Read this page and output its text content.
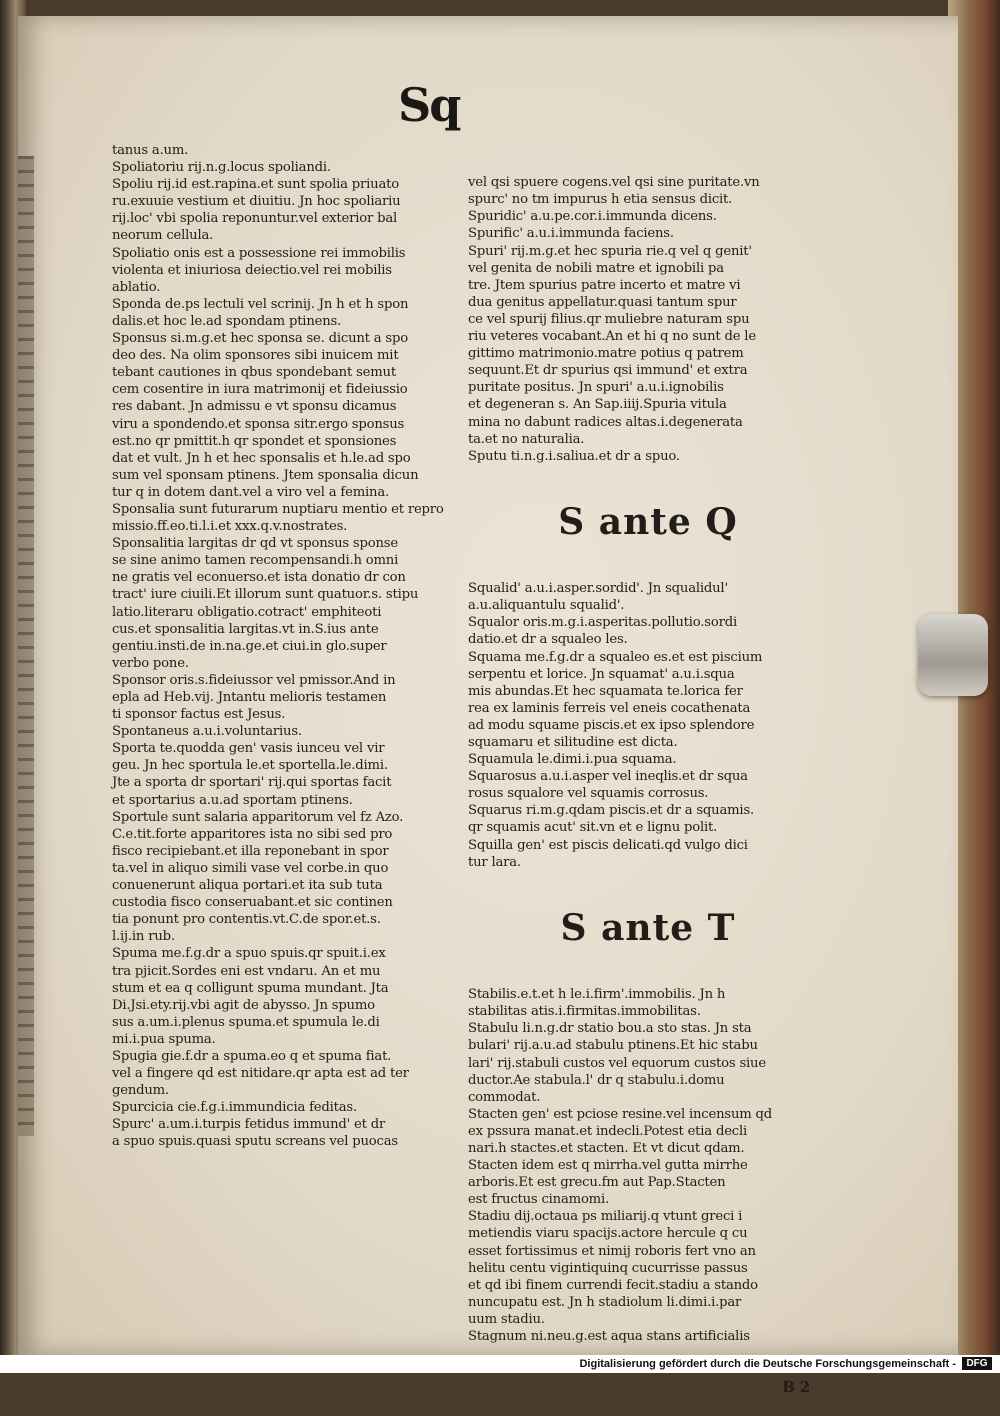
Sq
tanus a.um.
Spoliatoriu rij.n.g.locus spoliandi.
Spoliu rij.id est.rapina.et sunt spolia priuato
ru.exuuie vestium et diuitiu. Jn hoc spoliariu
rij.loc' vbi spolia reponuntur.vel exterior bal
neorum cellula.
Spoliatio onis est a possessione rei immobilis
violenta et iniuriosa deiectio.vel rei mobilis
ablatio.
Sponda de.ps lectuli vel scrinij. Jn h et h spon
dalis.et hoc le.ad spondam ptinens.
Sponsus si.m.g.et hec sponsa se. dicunt a spo
deo des. Na olim sponsores sibi inuicem mit
tebant cautiones in qbus spondebant semut
cem cosentire in iura matrimonij et fideiussio
res dabant. Jn admissu e vt sponsu dicamus
viru a spondendo.et sponsa sitr.ergo sponsus
est.no qr pmittit.h qr spondet et sponsiones
dat et vult. Jn h et hec sponsalis et h.le.ad spo
sum vel sponsam ptinens. Jtem sponsalia dicun
tur q in dotem dant.vel a viro vel a femina.
Sponsalia sunt futurarum nuptiaru mentio et repro
missio.ff.eo.ti.l.i.et xxx.q.v.nostrates.
Sponsalitia largitas dr qd vt sponsus sponse
se sine animo tamen recompensandi.h omni
ne gratis vel econuerso.et ista donatio dr con
tract' iure ciuili.Et illorum sunt quatuor.s. stipu
latio.literaru obligatio.cotract' emphiteoti
cus.et sponsalitia largitas.vt in.S.ius ante
gentiu.insti.de in.na.ge.et ciui.in glo.super
verbo pone.
Sponsor oris.s.fideiussor vel pmissor.And in
epla ad Heb.vij. Jntantu melioris testamen
ti sponsor factus est Jesus.
Spontaneus a.u.i.voluntarius.
Sporta te.quodda gen' vasis iunceu vel vir
geu. Jn hec sportula le.et sportella.le.dimi.
Jte a sporta dr sportari' rij.qui sportas facit
et sportarius a.u.ad sportam ptinens.
Sportule sunt salaria apparitorum vel fz Azo.
C.e.tit.forte apparitores ista no sibi sed pro
fisco recipiebant.et illa reponebant in spor
ta.vel in aliquo simili vase vel corbe.in quo
conuenerunt aliqua portari.et ita sub tuta
custodia fisco conseruabant.et sic continen
tia ponunt pro contentis.vt.C.de spor.et.s.
l.ij.in rub.
Spuma me.f.g.dr a spuo spuis.qr spuit.i.ex
tra pjicit.Sordes eni est vndaru. An et mu
stum et ea q colligunt spuma mundant. Jta
Di.Jsi.ety.rij.vbi agit de abysso. Jn spumo
sus a.um.i.plenus spuma.et spumula le.di
mi.i.pua spuma.
Spugia gie.f.dr a spuma.eo q et spuma fiat.
vel a fingere qd est nitidare.qr apta est ad ter
gendum.
Spurcicia cie.f.g.i.immundicia feditas.
Spurc' a.um.i.turpis fetidus immund' et dr
a spuo spuis.quasi sputu screans vel puocas

vel qsi spuere cogens.vel qsi sine puritate.vn
spurc' no tm impurus h etia sensus dicit.
Spuridic' a.u.pe.cor.i.immunda dicens.
Spurific' a.u.i.immunda faciens.
Spuri' rij.m.g.et hec spuria rie.q vel q genit'
vel genita de nobili matre et ignobili pa
tre. Jtem spurius patre incerto et matre vi
dua genitus appellatur.quasi tantum spur
ce vel spurij filius.qr muliebre naturam spu
riu veteres vocabant.An et hi q no sunt de le
gittimo matrimonio.matre potius q patrem
sequunt.Et dr spurius qsi immund' et extra
puritate positus. Jn spuri' a.u.i.ignobilis
et degeneran s. An Sap.iiij.Spuria vitula
mina no dabunt radices altas.i.degenerata
ta.et no naturalia.
Sputu ti.n.g.i.saliua.et dr a spuo.

S ante Q

Squalid' a.u.i.asper.sordid'. Jn squalidul'
a.u.aliquantulu squalid'.
Squalor oris.m.g.i.asperitas.pollutio.sordi
datio.et dr a squaleo les.
Squama me.f.g.dr a squaleo es.et est piscium
serpentu et lorice. Jn squamat' a.u.i.squa
mis abundas.Et hec squamata te.lorica fer
rea ex laminis ferreis vel eneis cocathenata
ad modu squame piscis.et ex ipso splendore
squamaru et silitudine est dicta.
Squamula le.dimi.i.pua squama.
Squarosus a.u.i.asper vel ineqlis.et dr squa
rosus squalore vel squamis corrosus.
Squarus ri.m.g.qdam piscis.et dr a squamis.
qr squamis acut' sit.vn et e lignu polit.
Squilla gen' est piscis delicati.qd vulgo dici
tur lara.

S ante T

Stabilis.e.t.et h le.i.firm'.immobilis. Jn h
stabilitas atis.i.firmitas.immobilitas.
Stabulu li.n.g.dr statio bou.a sto stas. Jn sta
bulari' rij.a.u.ad stabulu ptinens.Et hic stabu
lari' rij.stabuli custos vel equorum custos siue
ductor.Ae stabula.l' dr q stabulu.i.domu
commodat.
Stacten gen' est pciose resine.vel incensum qd
ex pssura manat.et indecli.Potest etia decli
nari.h stactes.et stacten. Et vt dicut qdam.
Stacten idem est q mirrha.vel gutta mirrhe
arboris.Et est grecu.fm aut Pap.Stacten
est fructus cinamomi.
Stadiu dij.octaua ps miliarij.q vtunt greci i
metiendis viaru spacijs.actore hercule q cu
esset fortissimus et nimij roboris fert vno an
helitu centu vigintiquinq cucurrisse passus
et qd ibi finem currendi fecit.stadiu a stando
nuncupatu est. Jn h stadiolum li.dimi.i.par
uum stadiu.
Stagnum ni.neu.g.est aqua stans artificialis

B 2

Digitalisierung gefördert durch die Deutsche Forschungsgemeinschaft -	DFG
